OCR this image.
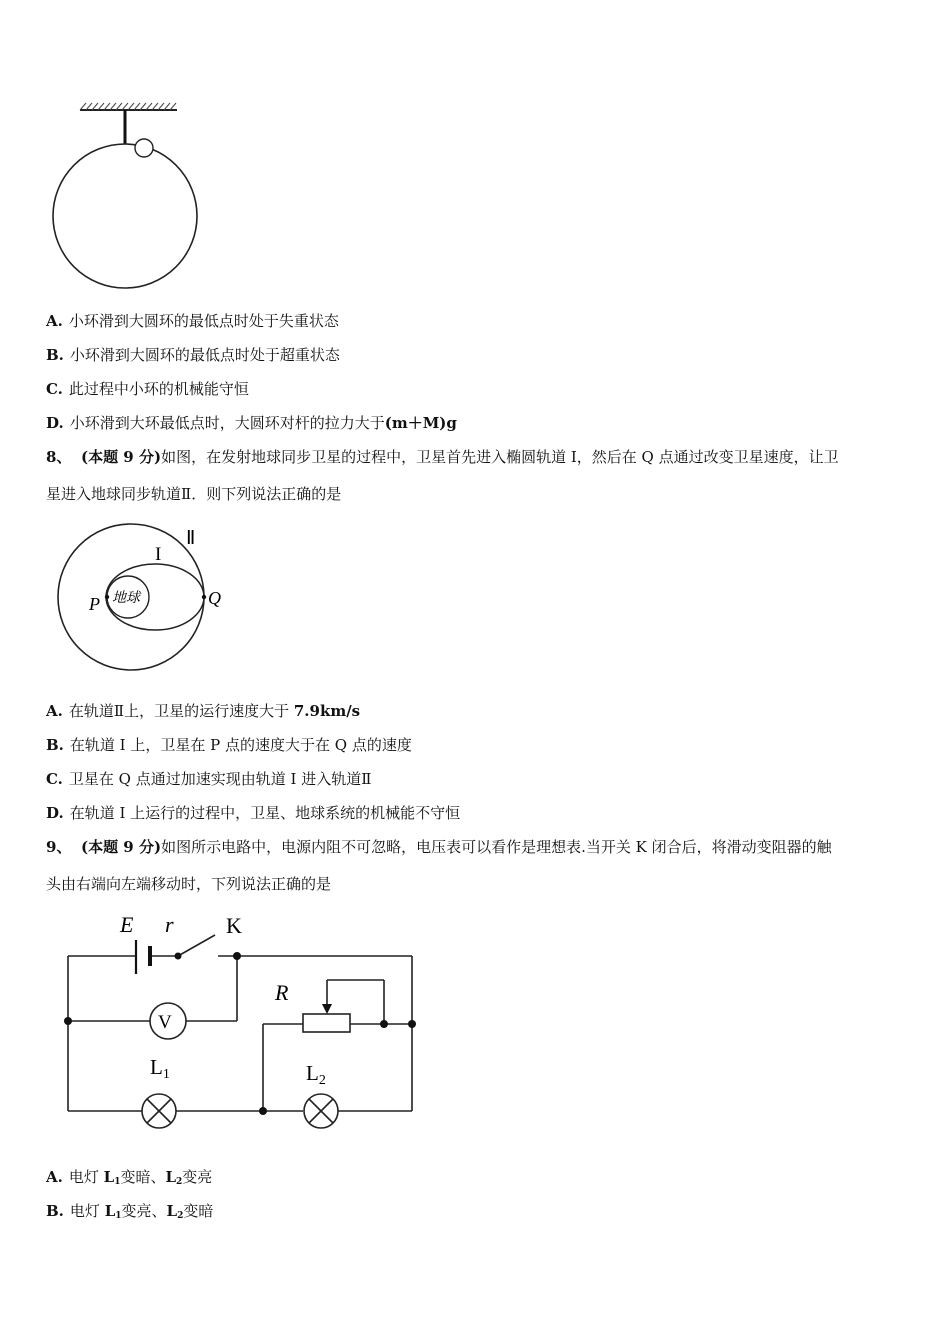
A. 小环滑到大圆环的最低点时处于失重状态
B. 小环滑到大圆环的最低点时处于超重状态
C. 此过程中小环的机械能守恒
D. 小环滑到大环最低点时，大圆环对杆的拉力大于(m＋M)g
8、 (本题 9 分)如图，在发射地球同步卫星的过程中，卫星首先进入椭圆轨道 I，然后在 Q 点通过改变卫星速度，让卫
星进入地球同步轨道Ⅱ．则下列说法正确的是
地球
P	Q
I
Ⅱ
A. 在轨道Ⅱ上，卫星的运行速度大于 7.9km/s
B. 在轨道 I 上，卫星在 P 点的速度大于在 Q 点的速度
C. 卫星在 Q 点通过加速实现由轨道 I 进入轨道Ⅱ
D. 在轨道 I 上运行的过程中，卫星、地球系统的机械能不守恒
9、 (本题 9 分)如图所示电路中，电源内阻不可忽略，电压表可以看作是理想表.当开关 K 闭合后，将滑动变阻器的触
头由右端向左端移动时，下列说法正确的是
V
E r K
R
L1	L2
A. 电灯 $L_1$变暗、$L_2$变亮
B. 电灯 $L_1$变亮、$L_2$变暗
